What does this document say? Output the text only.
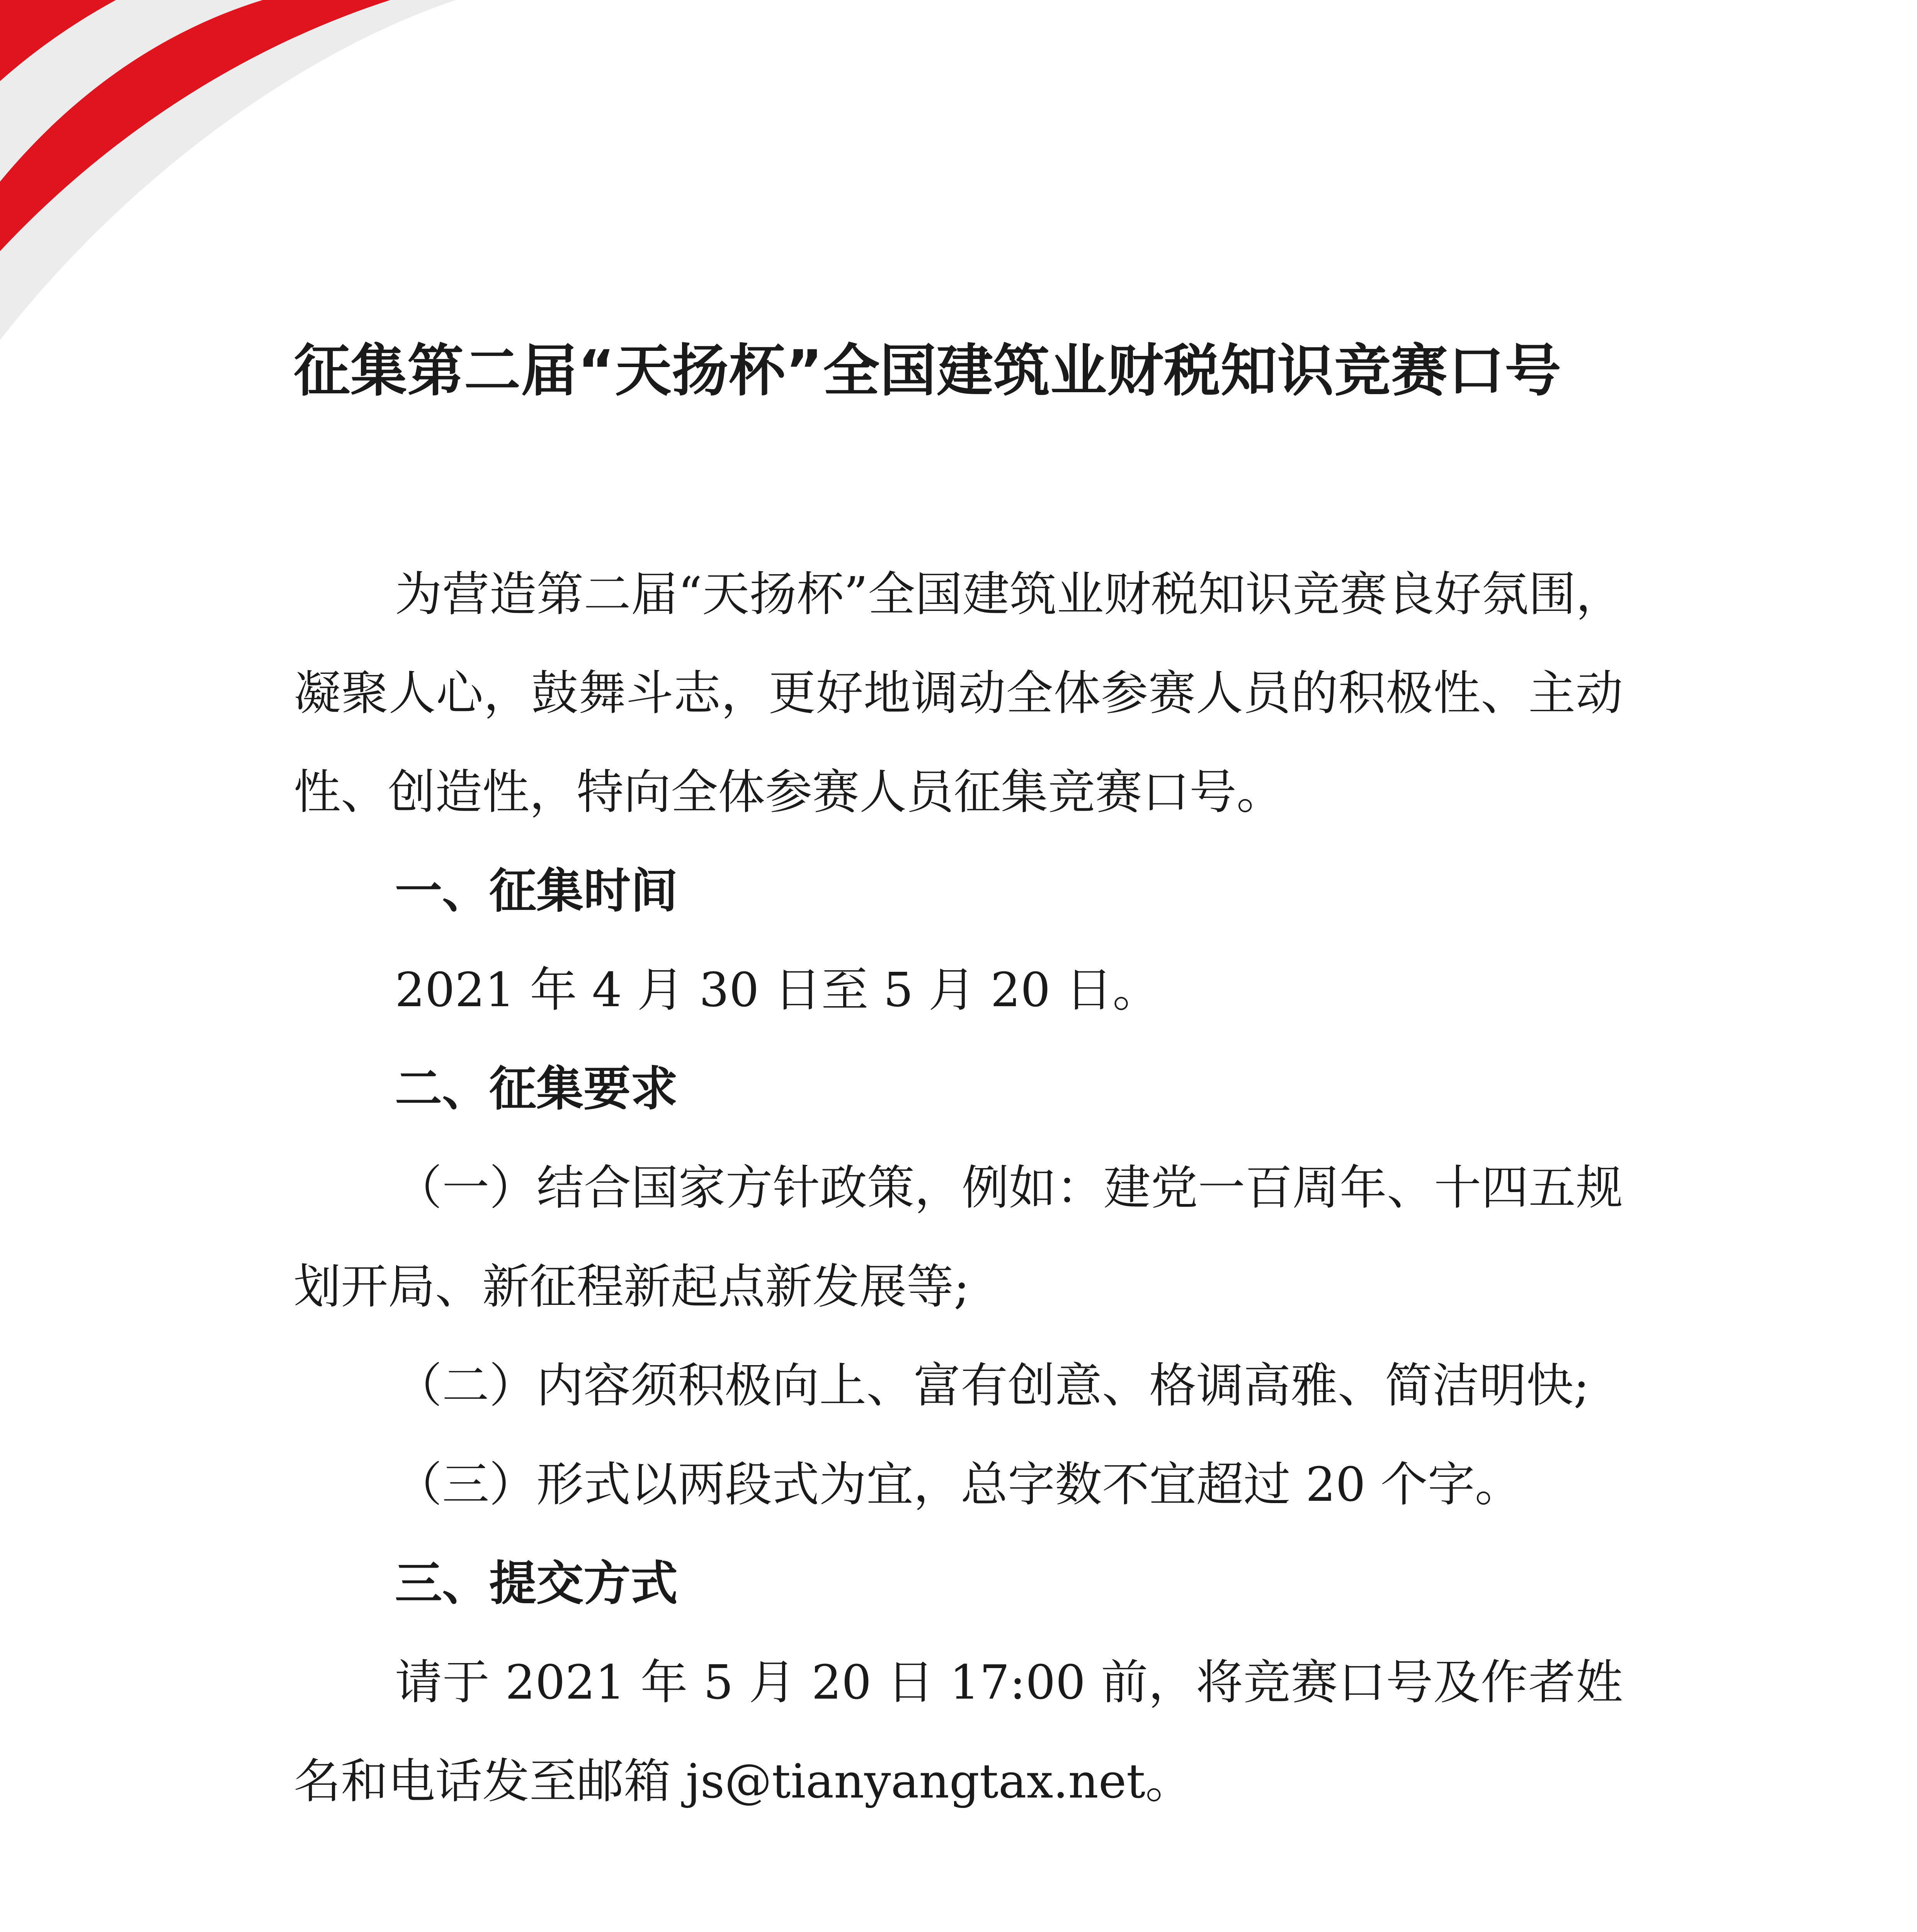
征集第二届“天扬杯”全国建筑业财税知识竞赛口号

为营造第二届“天扬杯”全国建筑业财税知识竞赛良好氛围，凝聚人心，鼓舞斗志，更好地调动全体参赛人员的积极性、主动性、创造性，特向全体参赛人员征集竞赛口号。

一、征集时间

2021 年 4 月 30 日至 5 月 20 日。

二、征集要求

（一）结合国家方针政策，例如：建党一百周年、十四五规划开局、新征程新起点新发展等;

（二）内容须积极向上、富有创意、格调高雅、简洁明快;

（三）形式以两段式为宜，总字数不宜超过 20 个字。

三、提交方式

请于 2021 年 5 月 20 日 17:00 前，将竞赛口号及作者姓名和电话发至邮箱 js@tianyangtax.net。
